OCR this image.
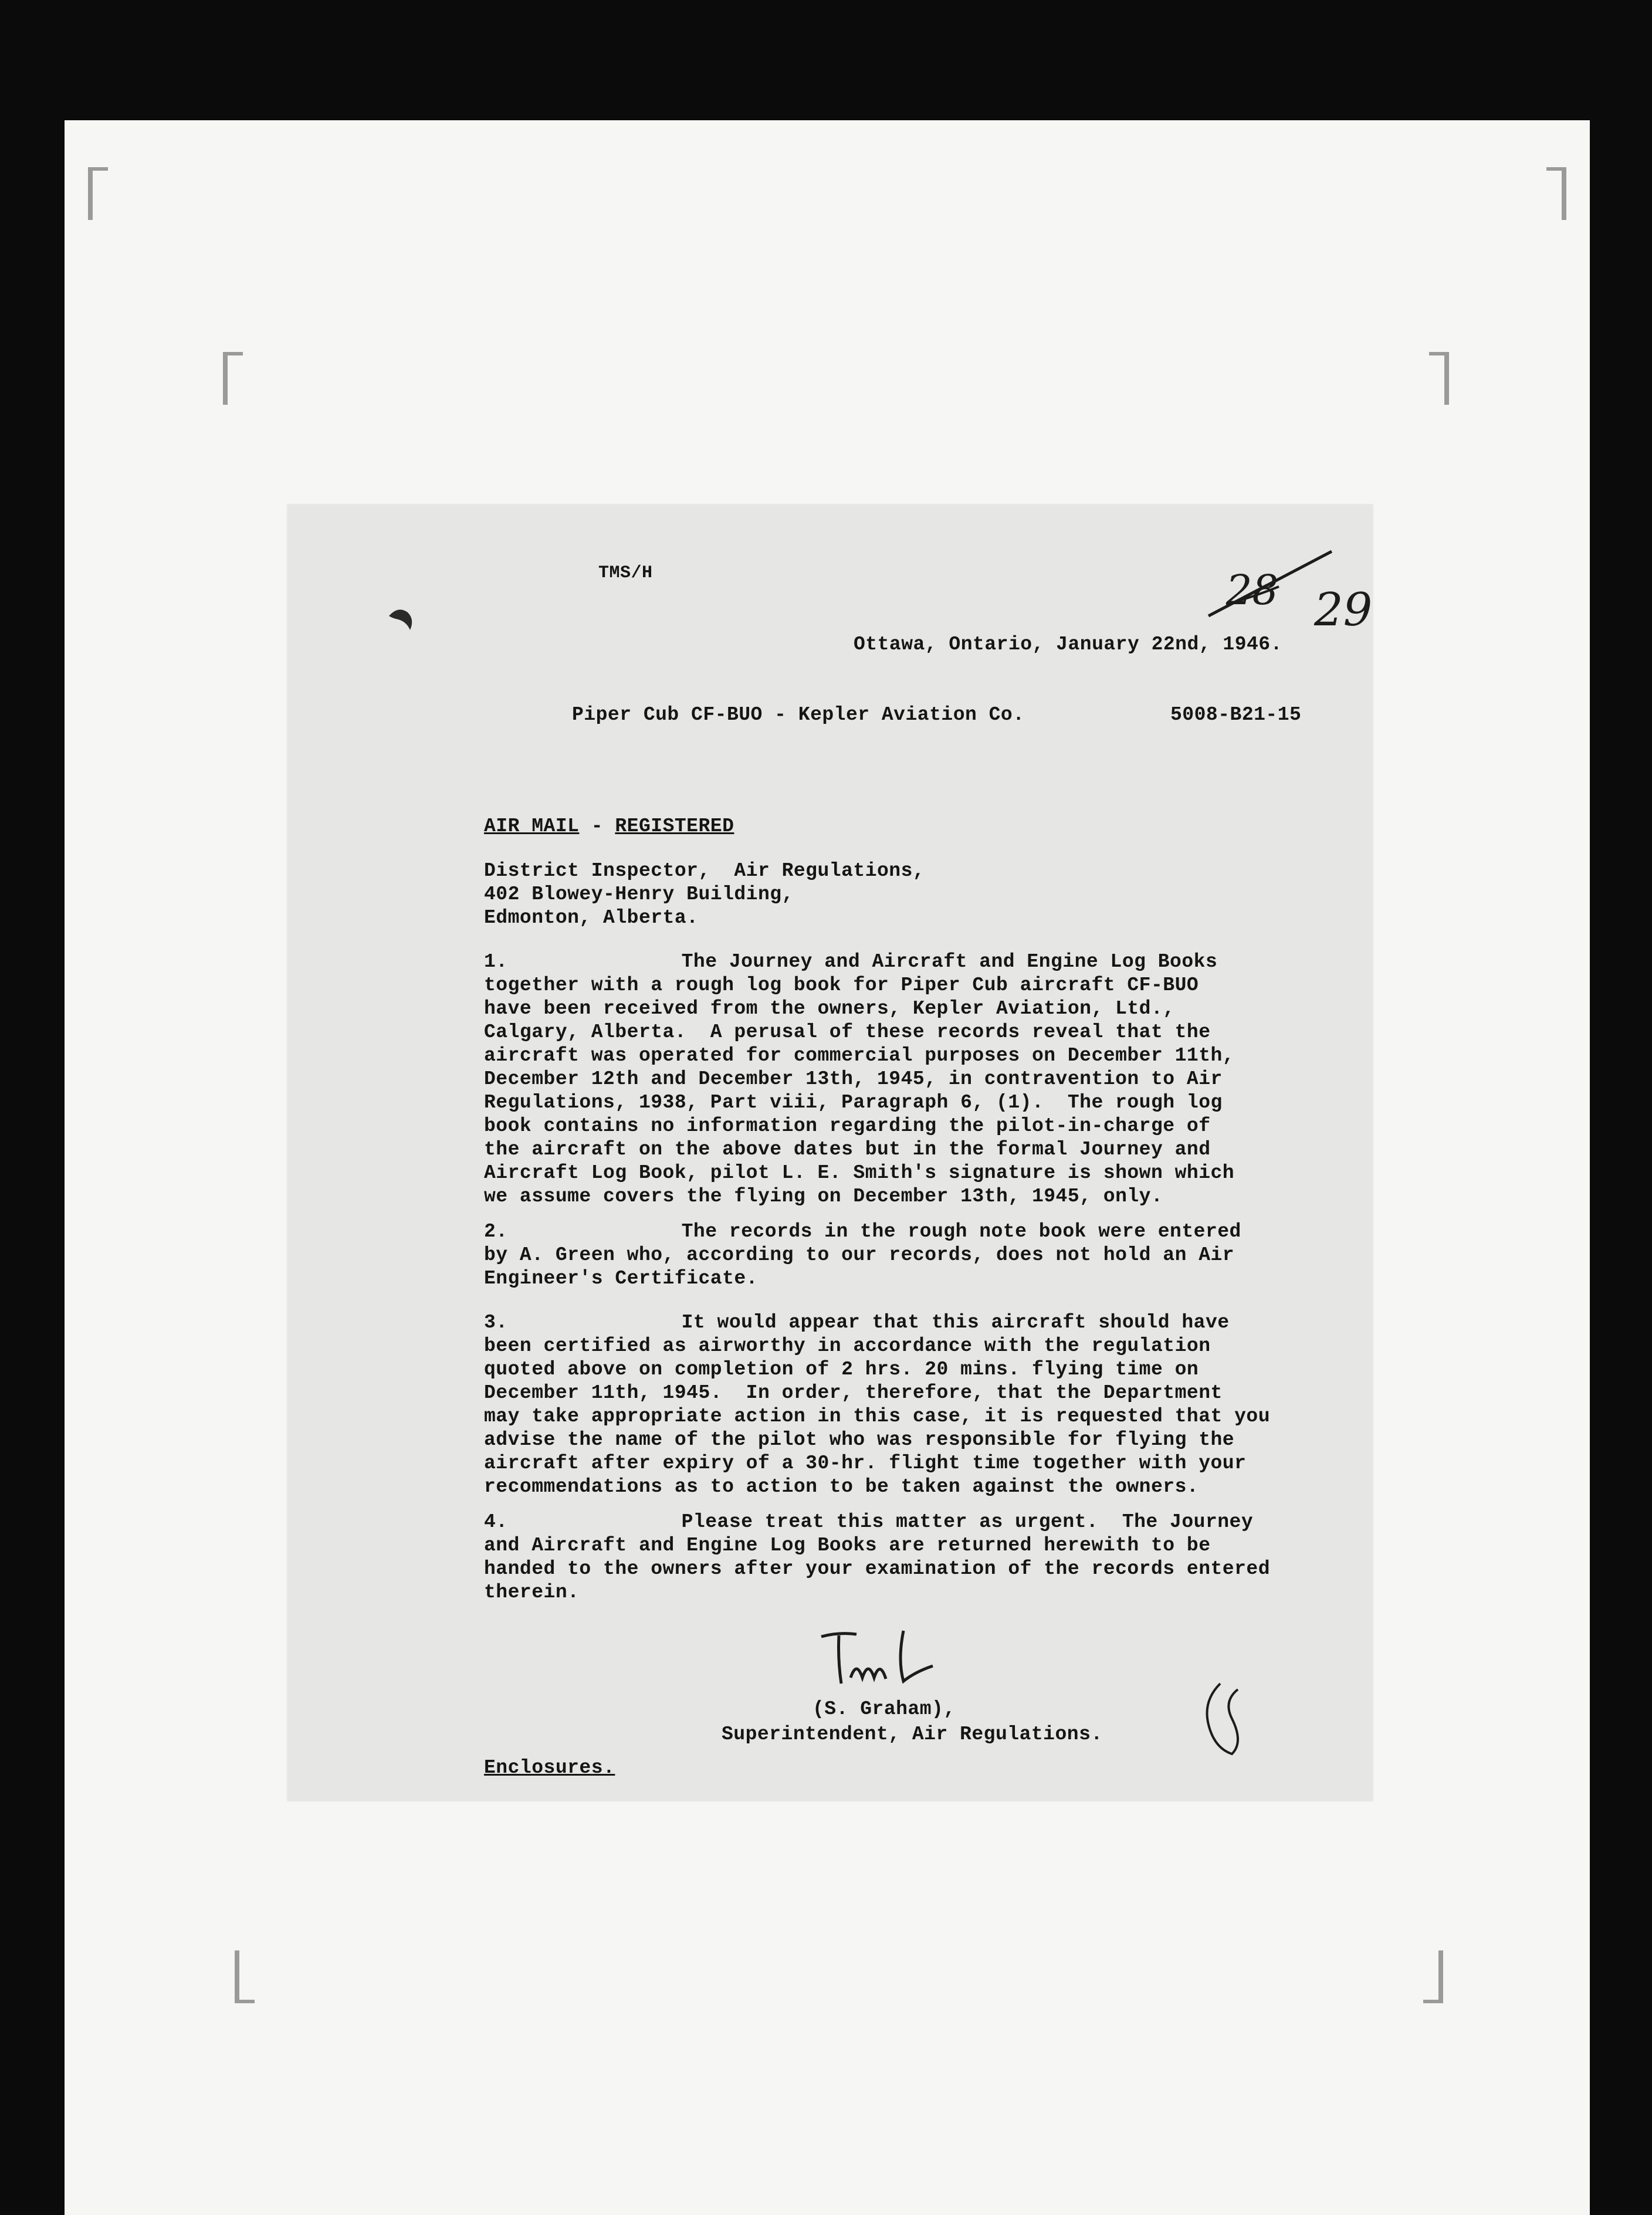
TMS/H	28 29

Ottawa, Ontario, January 22nd, 1946.

Piper Cub CF-BUO - Kepler Aviation Co.	5008-B21-15

AIR MAIL - REGISTERED

District Inspector,  Air Regulations,
402 Blowey-Henry Building,
Edmonton, Alberta.
1.	The Journey and Aircraft and Engine Log Books
together with a rough log book for Piper Cub aircraft CF-BUO
have been received from the owners, Kepler Aviation, Ltd.,
Calgary, Alberta.  A perusal of these records reveal that the
aircraft was operated for commercial purposes on December 11th,
December 12th and December 13th, 1945, in contravention to Air
Regulations, 1938, Part viii, Paragraph 6, (1).  The rough log
book contains no information regarding the pilot-in-charge of
the aircraft on the above dates but in the formal Journey and
Aircraft Log Book, pilot L. E. Smith's signature is shown which
we assume covers the flying on December 13th, 1945, only.
2.	The records in the rough note book were entered
by A. Green who, according to our records, does not hold an Air
Engineer's Certificate.
3.	It would appear that this aircraft should have
been certified as airworthy in accordance with the regulation
quoted above on completion of 2 hrs. 20 mins. flying time on
December 11th, 1945.  In order, therefore, that the Department
may take appropriate action in this case, it is requested that you
advise the name of the pilot who was responsible for flying the
aircraft after expiry of a 30-hr. flight time together with your
recommendations as to action to be taken against the owners.
4.	Please treat this matter as urgent.  The Journey
and Aircraft and Engine Log Books are returned herewith to be
handed to the owners after your examination of the records entered
therein.

(S. Graham),

Superintendent, Air Regulations.

Enclosures.
